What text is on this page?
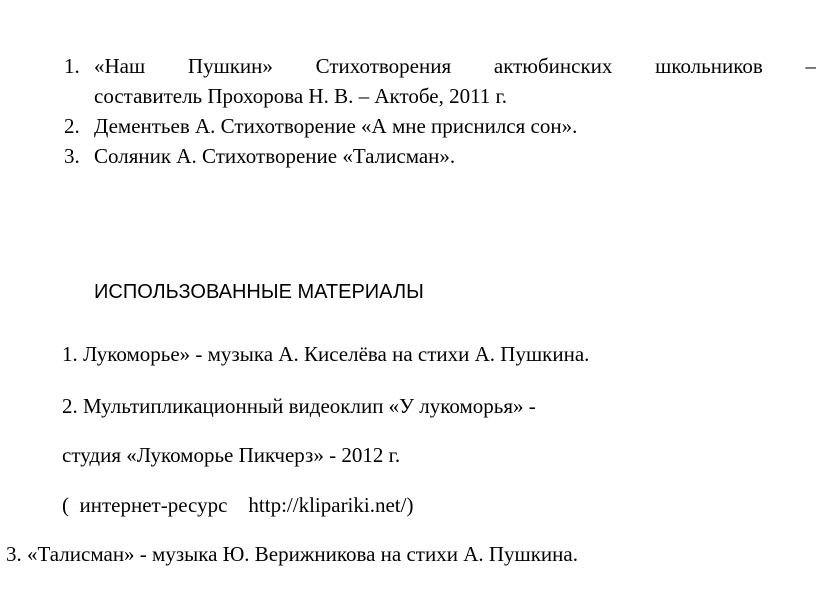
1. «Наш Пушкин» Стихотворения актюбинских школьников –
составитель Прохорова Н. В. – Актобе, 2011 г.
2. Дементьев А. Стихотворение «А мне приснился сон».
3. Соляник А. Стихотворение «Талисман».
ИСПОЛЬЗОВАННЫЕ МАТЕРИАЛЫ
1. Лукоморье» - музыка А. Киселёва на стихи А. Пушкина.
2. Мультипликационный видеоклип «У лукоморья» -
студия «Лукоморье Пикчерз» - 2012 г.
(  интернет-ресурс    http://klipariki.net/)
3. «Талисман» - музыка Ю. Верижникова на стихи А. Пушкина.
